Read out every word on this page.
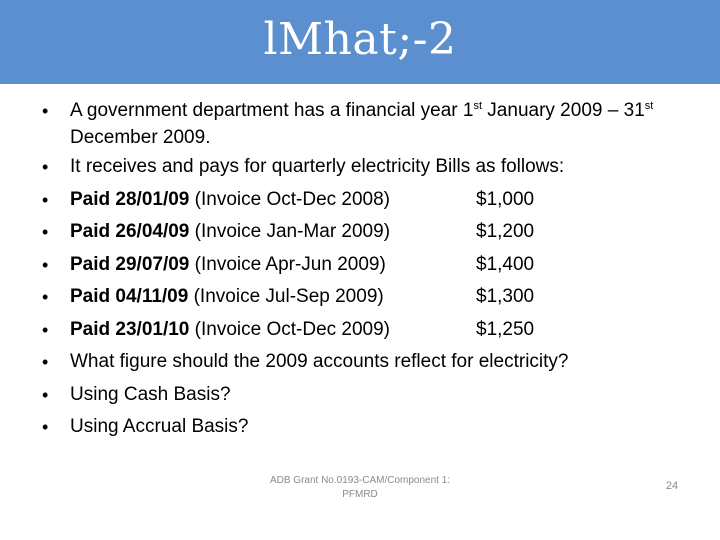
lMhat;-2
• A government department has a financial year 1st January 2009 – 31st December 2009.
• It receives and pays for quarterly electricity Bills as follows:
• Paid 28/01/09 (Invoice Oct-Dec 2008)	$1,000
• Paid 26/04/09 (Invoice Jan-Mar 2009)	$1,200
• Paid 29/07/09 (Invoice Apr-Jun 2009)	$1,400
• Paid 04/11/09 (Invoice Jul-Sep 2009)	$1,300
• Paid 23/01/10 (Invoice Oct-Dec 2009)	$1,250
• What figure should the 2009 accounts reflect for electricity?
• Using Cash Basis?
• Using Accrual Basis?
ADB Grant No.0193-CAM/Component 1:
PFMRD
24
